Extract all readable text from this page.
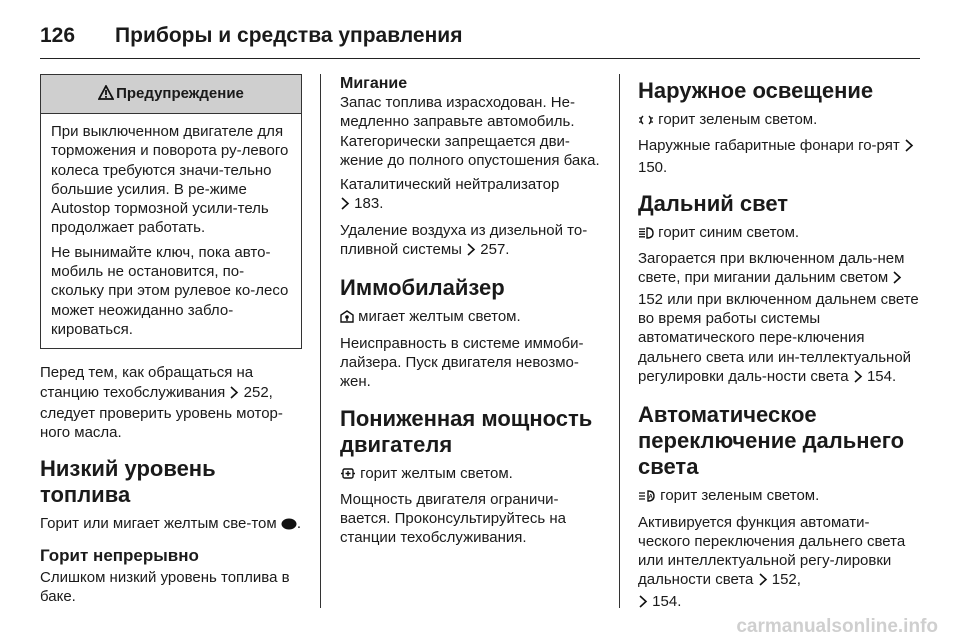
126 Приборы и средства управления
Предупреждение

При выключенном двигателе для торможения и поворота ру-левого колеса требуются значи-тельно большие усилия. В ре-жиме Autostop тормозной усили-тель продолжает работать.

Не вынимайте ключ, пока авто-мобиль не остановится, по-скольку при этом рулевое ко-лесо может неожиданно забло-кироваться.

Перед тем, как обращаться на станцию техобслуживания  252, следует проверить уровень мотор-ного масла.

Низкий уровень топлива

Горит или мигает желтым све-том .

Горит непрерывно

Слишком низкий уровень топлива в баке.

Мигание

Запас топлива израсходован. Не-медленно заправьте автомобиль. Категорически запрещается дви-жение до полного опустошения бака.

Каталитический нейтрализатор
183.

Удаление воздуха из дизельной то-пливной системы  257.

Иммобилайзер

мигает желтым светом.

Неисправность в системе иммоби-лайзера. Пуск двигателя невозмо-жен.

Пониженная мощность двигателя

горит желтым светом.

Мощность двигателя ограничи-вается. Проконсультируйтесь на станции техобслуживания.

Наружное освещение

горит зеленым светом.

Наружные габаритные фонари го-рят  150.

Дальний свет

горит синим светом.

Загорается при включенном даль-нем свете, при мигании дальним светом  152 или при включенном дальнем свете во время работы системы автоматического пере-ключения дальнего света или ин-теллектуальной регулировки даль-ности света  154.

Автоматическое переключение дальнего света

A горит зеленым светом.

Активируется функция автомати-ческого переключения дальнего света или интеллектуальной регу-лировки дальности света  152,
154.

carmanualsonline.info
